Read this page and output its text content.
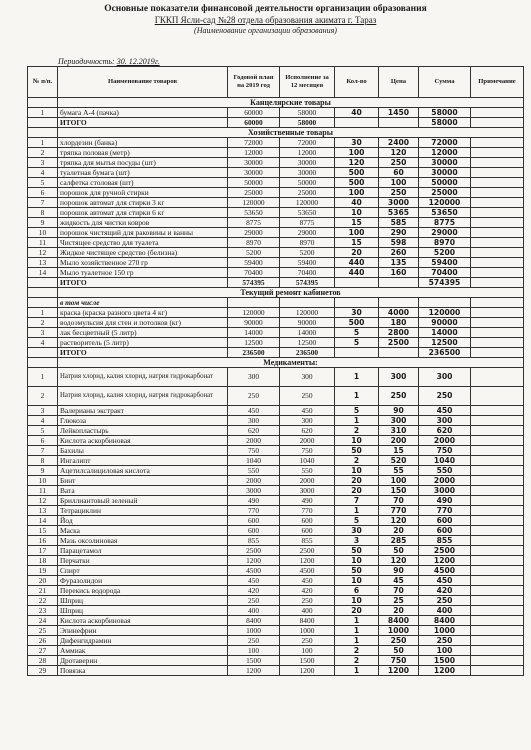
Основные показатели финансовой деятельности организации образования
ГККП Ясли-сад №28 отдела образования акимата г. Тараз
(Наименование организации образования)
Периодичность: 30. 12.2019г.
№ п/п.	Наименование товаров	Годовой план на 2019 год	Исполнение за 12 месяцев	Кол-во	Цена	Сумма	Примечание
	Канцелярские товары						
1	бумага А-4 (пачка)	60000	58000	40	1450	58000	
	ИТОГО	60000	58000			58000	
	Хозийственные товары						
1	хлордезин (банка)	72000	72000	30	2400	72000	
2	тряпка половая (метр)	12000	12000	100	120	12000	
3	тряпка для мытья посуды (шт)	30000	30000	120	250	30000	
4	туалетная бумага (шт)	30000	30000	500	60	30000	
5	салфетка столовая (шт)	50000	50000	500	100	50000	
6	порошок для ручной стирки	25000	25000	100	250	25000	
7	порошок автомат для стирки 3 кг	120000	120000	40	3000	120000	
8	порошок автомат для стирки 6 кг	53650	53650	10	5365	53650	
9	жидкость для чистки ковров	8775	8775	15	585	8775	
10	порошок чистящий для раковины и ванны	29000	29000	100	290	29000	
11	Чистящее средство для туалета	8970	8970	15	598	8970	
12	Жидкое чистящее средство (белизна)	5200	5200	20	260	5200	
13	Мыло хозяйственное 270 гр	59400	59400	440	135	59400	
14	Мыло туалетное 150 гр	70400	70400	440	160	70400	
	ИТОГО	574395	574395			574395	
	Текущий ремонт кабинетов						
	в том числе						
1	краска (краска разного цвета 4 кг)	120000	120000	30	4000	120000	
2	водоэмульсия для стен и потолков (кг)	90000	90000	500	180	90000	
3	лак бесцветный (5 литр)	14000	14000	5	2800	14000	
4	растворитель (5 литр)	12500	12500	5	2500	12500	
	ИТОГО	236500	236500			236500	
	Медикаменты:						
1	Натрия хлорид, калия хлорид, натрия гидрокарбонат	300	300	1	300	300	
2	Натрия хлорид, калия хлорид, натрия гидрокарбонат	250	250	1	250	250	
3	Валерианы экстракт	450	450	5	90	450	
4	Глюкоза	300	300	1	300	300	
5	Лейкопластырь	620	620	2	310	620	
6	Кислота аскорбиновая	2000	2000	10	200	2000	
7	Бахилы	750	750	50	15	750	
8	Ингалипт	1040	1040	2	520	1040	
9	Ацетилсалициловая кислота	550	550	10	55	550	
10	Бинт	2000	2000	20	100	2000	
11	Вата	3000	3000	20	150	3000	
12	Бриллиантовый зеленый	490	490	7	70	490	
13	Тетрациклин	770	770	1	770	770	
14	Йод	600	600	5	120	600	
15	Маска	600	600	30	20	600	
16	Мазь оксолиновая	855	855	3	285	855	
17	Парацетамол	2500	2500	50	50	2500	
18	Перчатки	1200	1200	10	120	1200	
19	Спирт	4500	4500	50	90	4500	
20	Фуразолидон	450	450	10	45	450	
21	Перекись водорода	420	420	6	70	420	
22	Шприц	250	250	10	25	250	
23	Шприц	400	400	20	20	400	
24	Кислота аскорбиновая	8400	8400	1	8400	8400	
25	Эпинефрин	1000	1000	1	1000	1000	
26	Дифенгидрамин	250	250	1	250	250	
27	Аммиак	100	100	2	50	100	
28	Дротаверин	1500	1500	2	750	1500	
29	Повязка	1200	1200	1	1200	1200	
